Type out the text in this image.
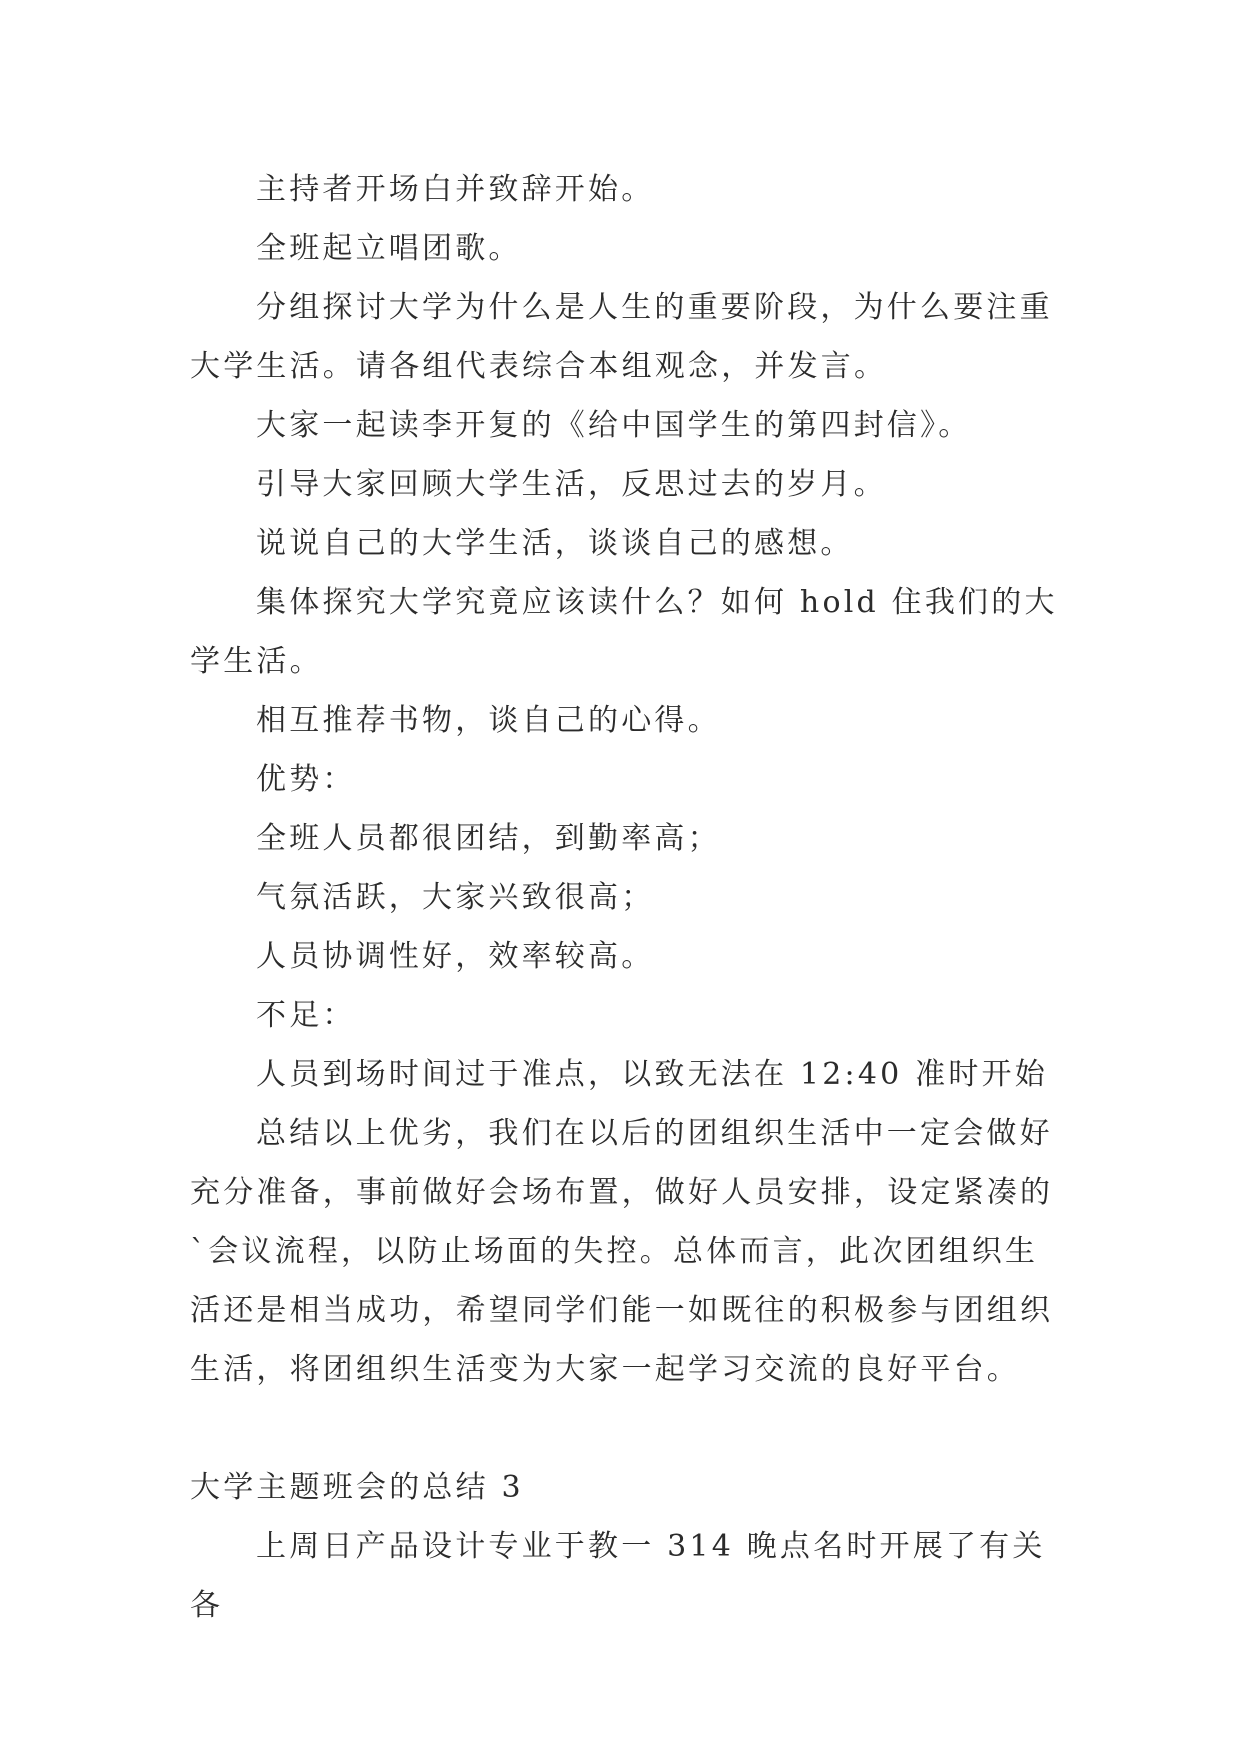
主持者开场白并致辞开始。

全班起立唱团歌。

分组探讨大学为什么是人生的重要阶段，为什么要注重大学生活。请各组代表综合本组观念，并发言。

大家一起读李开复的《给中国学生的第四封信》。

引导大家回顾大学生活，反思过去的岁月。

说说自己的大学生活，谈谈自己的感想。

集体探究大学究竟应该读什么？如何 hold 住我们的大学生活。

相互推荐书物，谈自己的心得。

优势：

全班人员都很团结，到勤率高；

气氛活跃，大家兴致很高；

人员协调性好，效率较高。

不足：

人员到场时间过于准点，以致无法在 12:40 准时开始

总结以上优劣，我们在以后的团组织生活中一定会做好充分准备，事前做好会场布置，做好人员安排，设定紧凑的`会议流程，以防止场面的失控。总体而言，此次团组织生活还是相当成功，希望同学们能一如既往的积极参与团组织生活，将团组织生活变为大家一起学习交流的良好平台。

大学主题班会的总结 3

上周日产品设计专业于教一 314 晚点名时开展了有关各
